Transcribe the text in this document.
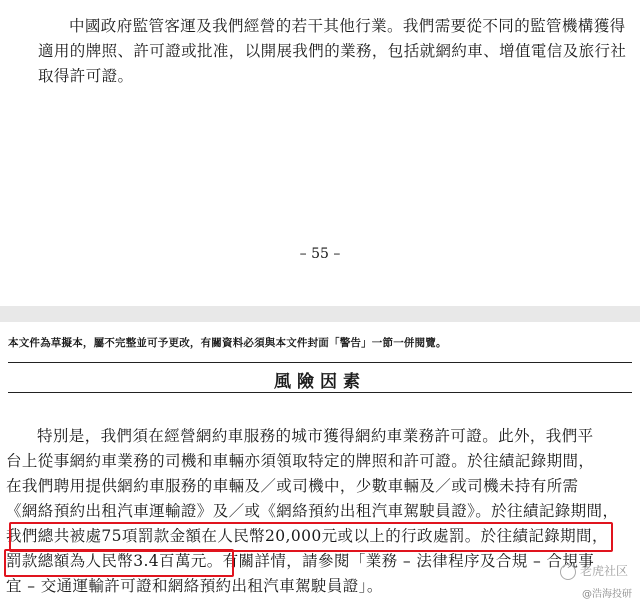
中國政府監管客運及我們經營的若干其他行業。我們需要從不同的監管機構獲得
適用的牌照、許可證或批准，以開展我們的業務，包括就網約車、增值電信及旅行社
取得許可證。
– 55 –
本文件為草擬本，屬不完整並可予更改，有關資料必須與本文件封面「警告」一節一併閱覽。
風險因素
特別是，我們須在經營網約車服務的城市獲得網約車業務許可證。此外，我們平
台上從事網約車業務的司機和車輛亦須領取特定的牌照和許可證。於往績記錄期間，
在我們聘用提供網約車服務的車輛及／或司機中，少數車輛及／或司機未持有所需
《網絡預約出租汽車運輸證》及／或《網絡預約出租汽車駕駛員證》。於往績記錄期間，
我們總共被處75項罰款金額在人民幣20,000元或以上的行政處罰。於往績記錄期間，
罰款總額為人民幣3.4百萬元。有關詳情，請參閱「業務 – 法律程序及合規 – 合規事
宜 – 交通運輸許可證和網絡預約出租汽車駕駛員證」。
老虎社区
@浩海投研
